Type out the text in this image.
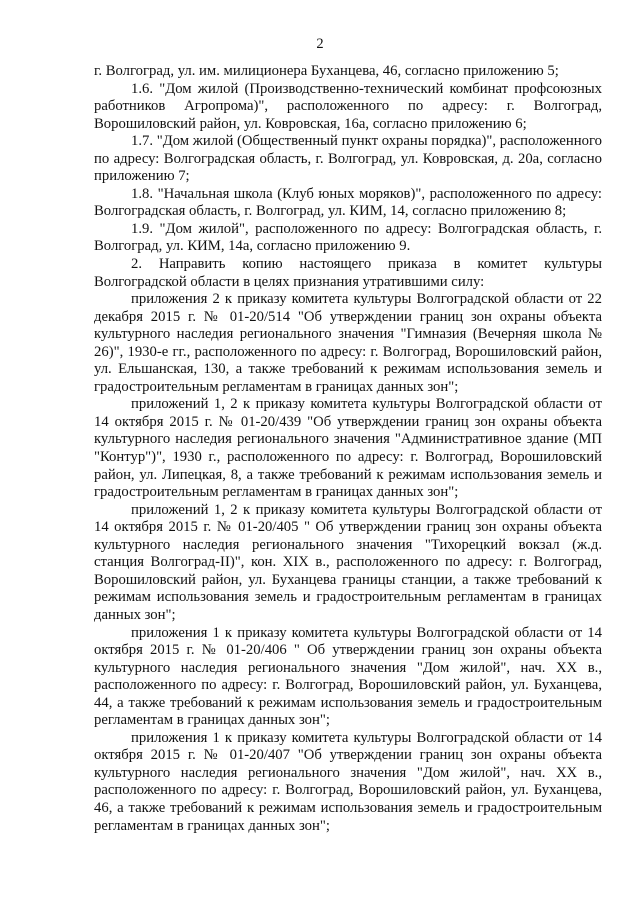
2

г. Волгоград, ул. им. милиционера Буханцева, 46, согласно приложению 5;

1.6. "Дом жилой (Производственно-технический комбинат профсоюзных работников Агропрома)", расположенного по адресу: г. Волгоград, Ворошиловский район, ул. Ковровская, 16а, согласно приложению 6;

1.7. "Дом жилой (Общественный пункт охраны порядка)", расположенного по адресу: Волгоградская область, г. Волгоград, ул. Ковровская, д. 20а, согласно приложению 7;

1.8. "Начальная школа (Клуб юных моряков)", расположенного по адресу: Волгоградская область, г. Волгоград, ул. КИМ, 14, согласно приложению 8;

1.9. "Дом жилой", расположенного по адресу: Волгоградская область, г. Волгоград, ул. КИМ, 14а, согласно приложению 9.

2. Направить копию настоящего приказа в комитет культуры Волгоградской области в целях признания утратившими силу:

приложения 2 к приказу комитета культуры Волгоградской области от 22 декабря 2015 г. № 01-20/514 "Об утверждении границ зон охраны объекта культурного наследия регионального значения "Гимназия (Вечерняя школа № 26)", 1930-е гг., расположенного по адресу: г. Волгоград, Ворошиловский район, ул. Ельшанская, 130, а также требований к режимам использования земель и градостроительным регламентам в границах данных зон";

приложений 1, 2 к приказу комитета культуры Волгоградской области от 14 октября 2015 г. № 01-20/439 "Об утверждении границ зон охраны объекта культурного наследия регионального значения "Административное здание (МП "Контур")", 1930 г., расположенного по адресу: г. Волгоград, Ворошиловский район, ул. Липецкая, 8, а также требований к режимам использования земель и градостроительным регламентам в границах данных зон";

приложений 1, 2 к приказу комитета культуры Волгоградской области от 14 октября 2015 г. № 01-20/405 " Об утверждении границ зон охраны объекта культурного наследия регионального значения "Тихорецкий вокзал (ж.д. станция Волгоград-II)", кон. XIX в., расположенного по адресу: г. Волгоград, Ворошиловский район, ул. Буханцева границы станции, а также требований к режимам использования земель и градостроительным регламентам в границах данных зон";

приложения 1 к приказу комитета культуры Волгоградской области от 14 октября 2015 г. № 01-20/406 " Об утверждении границ зон охраны объекта культурного наследия регионального значения "Дом жилой", нач. XX в., расположенного по адресу: г. Волгоград, Ворошиловский район, ул. Буханцева, 44, а также требований к режимам использования земель и градостроительным регламентам в границах данных зон";

приложения 1 к приказу комитета культуры Волгоградской области от 14 октября 2015 г. № 01-20/407 "Об утверждении границ зон охраны объекта культурного наследия регионального значения "Дом жилой", нач. XX в., расположенного по адресу: г. Волгоград, Ворошиловский район, ул. Буханцева, 46, а также требований к режимам использования земель и градостроительным регламентам в границах данных зон";
